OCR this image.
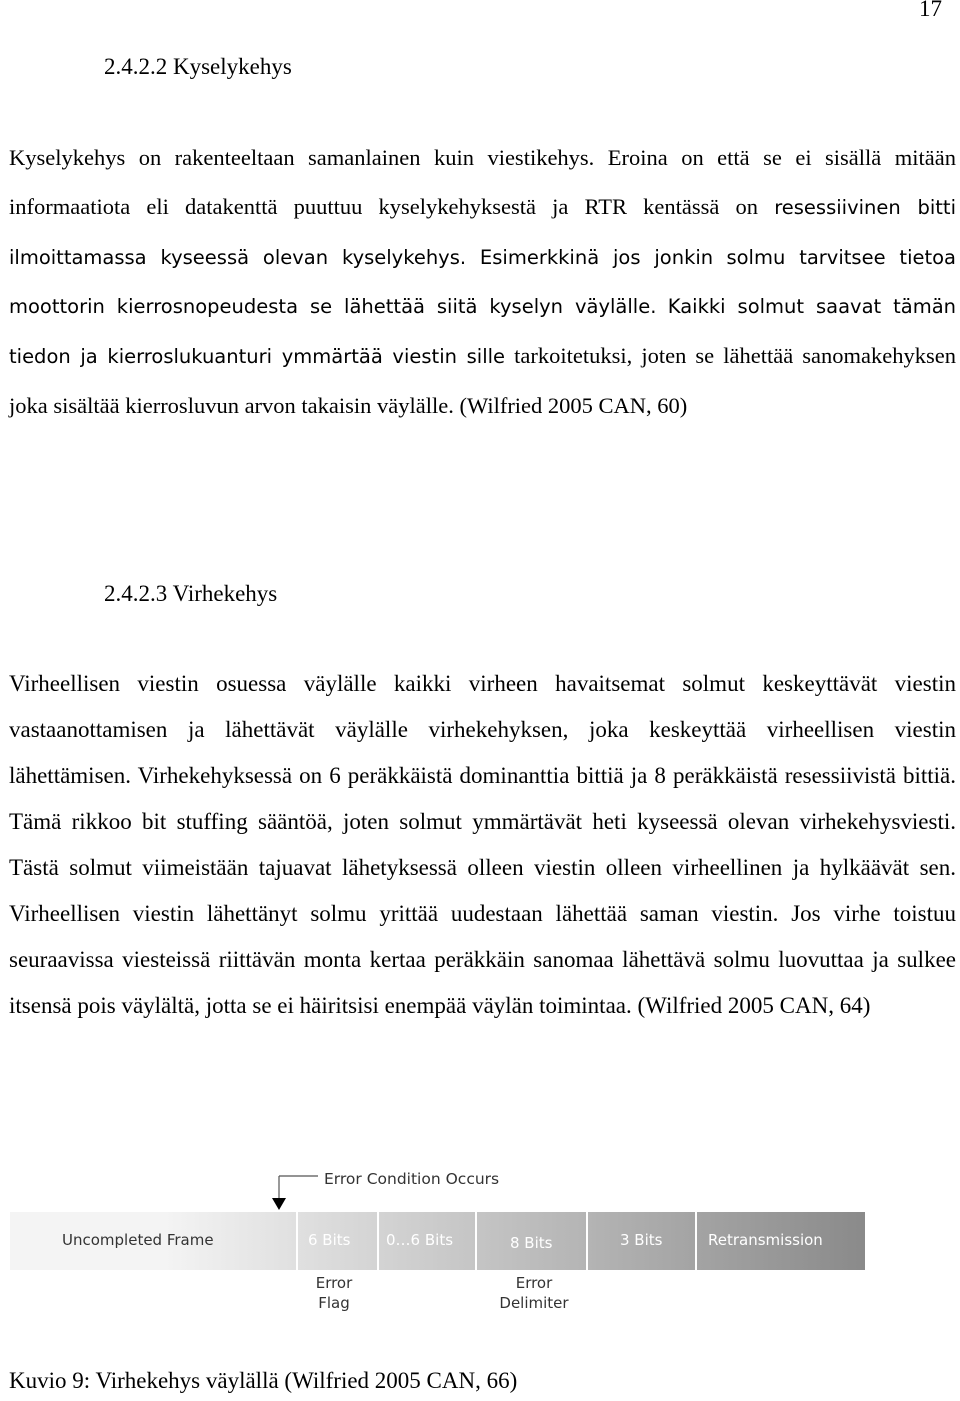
17
2.4.2.2 Kyselykehys
Kyselykehys on rakenteeltaan samanlainen kuin viestikehys. Eroina on että se ei sisällä mitään informaatiota eli datakenttä puuttuu kyselykehyksestä ja RTR kentässä on resessiivinen bitti ilmoittamassa kyseessä olevan kyselykehys. Esimerkkinä jos jonkin solmu tarvitsee tietoa moottorin kierrosnopeudesta se lähettää siitä kyselyn väylälle. Kaikki solmut saavat tämän tiedon ja kierroslukuanturi ymmärtää viestin sille tarkoitetuksi, joten se lähettää sanomakehyksen joka sisältää kierrosluvun arvon takaisin väylälle. (Wilfried 2005 CAN, 60)
2.4.2.3 Virhekehys
Virheellisen viestin osuessa väylälle kaikki virheen havaitsemat solmut keskeyttävät viestin vastaanottamisen ja lähettävät väylälle virhekehyksen, joka keskeyttää virheellisen viestin lähettämisen. Virhekehyksessä on 6 peräkkäistä dominanttia bittiä ja 8 peräkkäistä resessiivistä bittiä. Tämä rikkoo bit stuffing sääntöä, joten solmut ymmärtävät heti kyseessä olevan virhekehysviesti. Tästä solmut viimeistään tajuavat lähetyksessä olleen viestin olleen virheellinen ja hylkäävät sen. Virheellisen viestin lähettänyt solmu yrittää uudestaan lähettää saman viestin. Jos virhe toistuu seuraavissa viesteissä riittävän monta kertaa peräkkäin sanomaa lähettävä solmu luovuttaa ja sulkee itsensä pois väylältä, jotta se ei häiritsisi enempää väylän toimintaa. (Wilfried 2005 CAN, 64)
Error Condition Occurs
Uncompleted Frame	6 Bits 0…6 Bits	8 Bits	3 Bits	Retransmission
Error
Flag
Error
Delimiter
Kuvio 9: Virhekehys väylällä (Wilfried 2005 CAN, 66)
